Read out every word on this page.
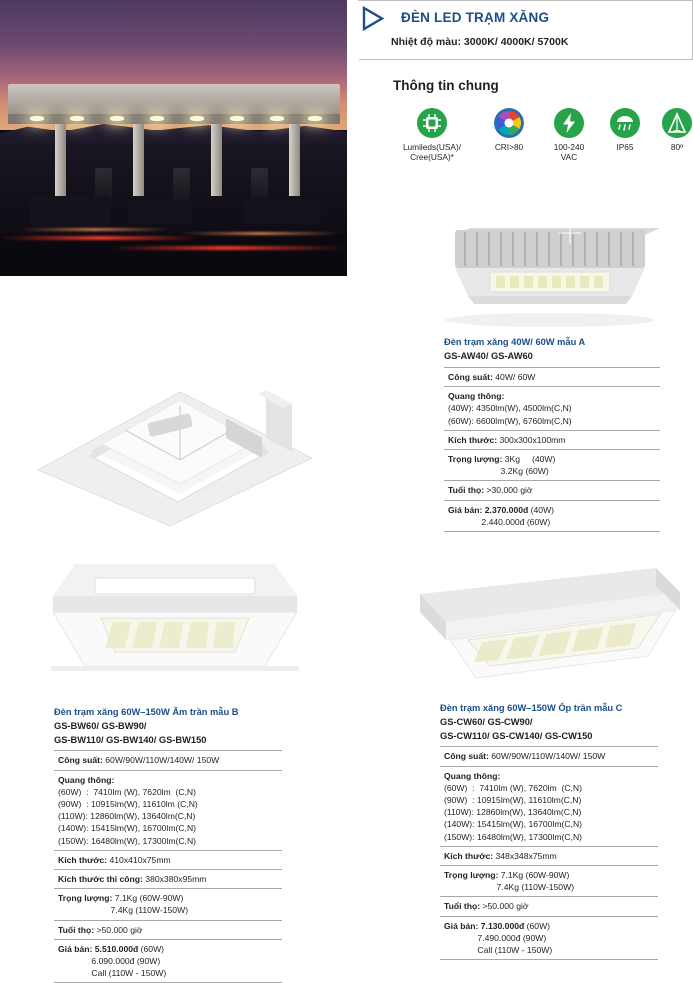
ĐÈN LED TRẠM XĂNG
Nhiệt độ màu: 3000K/ 4000K/ 5700K
Thông tin chung
Lumileds(USA)/
Cree(USA)*
CRI>80	100-240
VAC
IP65	80º
Đèn trạm xăng 40W/ 60W mẫu A
GS-AW40/ GS-AW60
Công suất: 40W/ 60W
Quang thông:
(40W): 4350lm(W), 4500lm(C,N)
(60W): 6600lm(W), 6760lm(C,N)
Kích thước: 300x300x100mm
Trọng lượng: 3Kg     (40W)
3.2Kg (60W)
Tuổi thọ: >30.000 giờ
Giá bán: 2.370.000đ (40W)
2.440.000đ (60W)
Đèn trạm xăng 60W–150W Âm trần mẫu B
GS-BW60/ GS-BW90/
GS-BW110/ GS-BW140/ GS-BW150
Công suất: 60W/90W/110W/140W/ 150W
Quang thông:
(60W)  :  7410lm (W), 7620lm  (C,N)
(90W)  : 10915lm(W), 11610lm (C,N)
(110W): 12860lm(W), 13640lm(C,N)
(140W): 15415lm(W), 16700lm(C,N)
(150W): 16480lm(W), 17300lm(C,N)
Kích thước: 410x410x75mm
Kích thước thi công: 380x380x95mm
Trọng lượng: 7.1Kg (60W-90W)
7.4Kg (110W-150W)
Tuổi thọ: >50.000 giờ
Giá bán: 5.510.000đ (60W)
6.090.000đ (90W)
Call (110W - 150W)
Đèn trạm xăng 60W–150W Ốp trần mẫu C
GS-CW60/ GS-CW90/
GS-CW110/ GS-CW140/ GS-CW150
Công suất: 60W/90W/110W/140W/ 150W
Quang thông:
(60W)  :  7410lm (W), 7620lm  (C,N)
(90W)  : 10915lm(W), 11610lm(C,N)
(110W): 12860lm(W), 13640lm(C,N)
(140W): 15415lm(W), 16700lm(C,N)
(150W): 16480lm(W), 17300lm(C,N)
Kích thước: 348x348x75mm
Trọng lượng: 7.1Kg (60W-90W)
7.4Kg (110W-150W)
Tuổi thọ: >50.000 giờ
Giá bán: 7.130.000đ (60W)
7.490.000đ (90W)
Call (110W - 150W)
